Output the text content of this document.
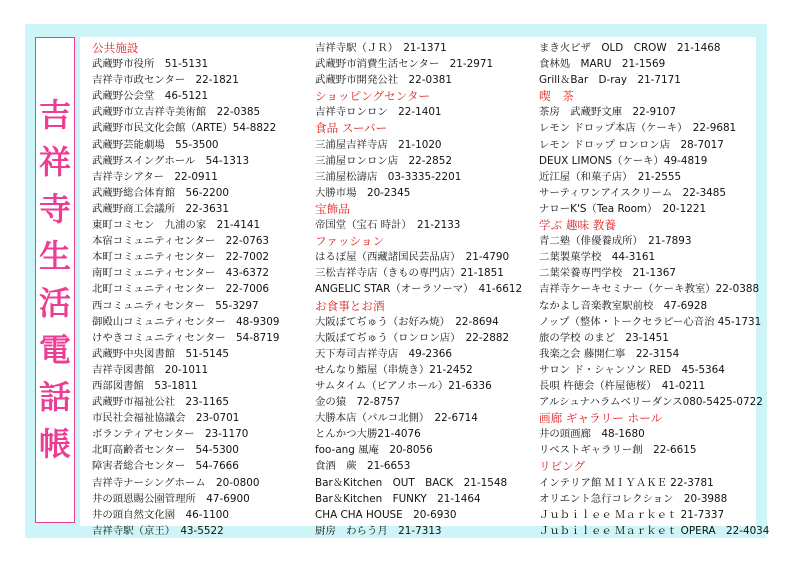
吉
祥
寺
生
活
電
話
帳
公共施設
武蔵野市役所　51-5131
吉祥寺市政センター　22-1821
武蔵野公会堂　46-5121
武蔵野市立吉祥寺美術館　22-0385
武蔵野市民文化会館（ARTE）54-8822
武蔵野芸能劇場　55-3500
武蔵野スイングホール　54-1313
吉祥寺シアター　22-0911
武蔵野総合体育館　56-2200
武蔵野商工会議所　22-3631
東町コミセン　九浦の家　21-4141
本宿コミュニティセンター　22-0763
本町コミュニティセンター　22-7002
南町コミュニティセンター　43-6372
北町コミュニティセンター　22-7006
西コミュニティセンター　55-3297
御殿山コミュニティセンター　48-9309
けやきコミュニティセンター　54-8719
武蔵野中央図書館　51-5145
吉祥寺図書館　20-1011
西部図書館　53-1811
武蔵野市福祉公社　23-1165
市民社会福祉協議会　23-0701
ボランティアセンター　23-1170
北町高齢者センター　54-5300
障害者総合センター　54-7666
吉祥寺ナーシングホーム　20-0800
井の頭恩賜公園管理所　47-6900
井の頭自然文化園　46-1100
吉祥寺駅（京王）　43-5522
吉祥寺駅（ＪＲ）　21-1371
武蔵野市消費生活センター　21-2971
武蔵野市開発公社　22-0381
ショッピングセンター
吉祥寺ロンロン　22-1401
食品 スーパー
三浦屋吉祥寺店　21-1020
三浦屋ロンロン店　22-2852
三浦屋松濤店　03-3335-2201
大勝市場　20-2345
宝飾品
帝国堂（宝石 時計）　21-2133
ファッション
はるぽ屋（西藏諸国民芸品店）　21-4790
三松吉祥寺店（きもの専門店）21-1851
ANGELIC STAR（オーラソーマ）　41-6612
お食事とお酒
大阪ぼてぢゅう（お好み焼）　22-8694
大阪ぼてぢゅう（ロンロン店）　22-2882
天下寿司吉祥寺店　49-2366
せんなり鮨屋（串焼き）21-2452
サムタイム（ピアノホール）21-6336
金の猿　72-8757
大勝本店（パルコ北側）　22-6714
とんかつ大勝21-4076
foo-ang 風庵　20-8056
食酒　蕨　21-6653
Bar＆Kitchen　OUT　BACK　21-1548
Bar＆Kitchen　FUNKY　21-1464
CHA CHA HOUSE　20-6930
厨房　わらう月　21-7313
まき火ピザ　OLD　CROW　21-1468
食林処　MARU　21-1569
Grill＆Bar　D-ray　21-7171
喫　茶
茶房　武蔵野文庫　22-9107
レモン ドロップ本店（ケーキ）　22-9681
レモン ドロップ ロンロン店　28-7017
DEUX LIMONS（ケーキ）49-4819
近江屋（和菓子店）　21-2555
サーティワンアイスクリーム　22-3485
ナローK'S（Tea Room）　20-1221
学ぶ 趣味 教養
青二塾（俳優養成所）　21-7893
二葉製菓学校　44-3161
二葉栄養専門学校　21-1367
吉祥寺ケーキセミナー（ケーキ教室）22-0388
なかよし音楽教室駅前校　47-6928
ノップ（整体・トークセラピー心音治 45-1731
旅の学校 のまど　23-1451
我楽之会 藤開仁寧　22-3154
サロン ド・シャンソン RED　45-5364
長唄 杵徳会（杵屋徳桜）　41-0211
アルシュナハラムベリーダンス080-5425-0722
画廊 ギャラリー ホール
井の頭画廊　48-1680
リベストギャラリー創　22-6615
リビング
インテリア館 ＭＩＹＡＫＥ 22-3781
オリエント急行コレクション　20-3988
Ｊｕｂｉｌｅｅ Ｍａｒｋｅｔ 21-7337
Ｊｕｂｉｌｅｅ Ｍａｒｋｅｔ OPERA　22-4034
